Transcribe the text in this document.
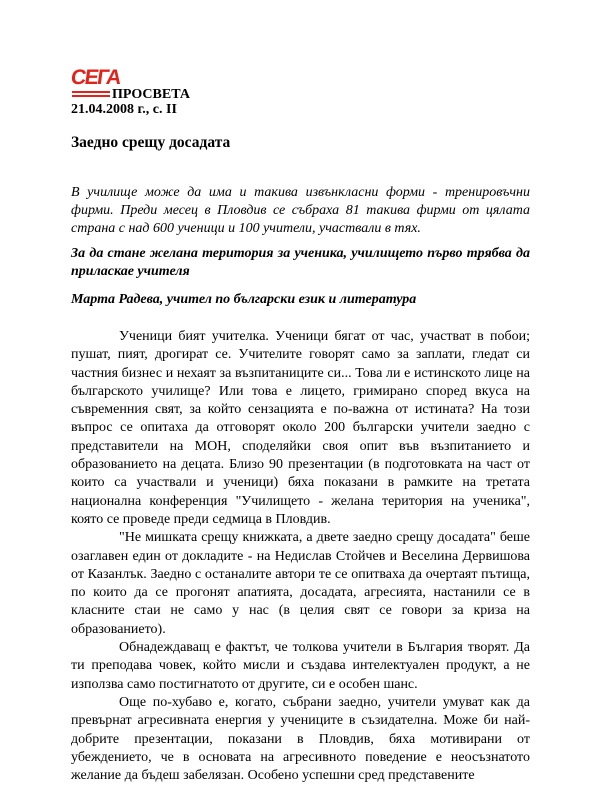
СЕГА
ПРОСВЕТА
21.04.2008 г., с. II
Заедно срещу досадата
В училище може да има и такива извънкласни форми - тренировъчни фирми. Преди месец в Пловдив се събраха 81 такива фирми от цялата страна с над 600 ученици и 100 учители, участвали в тях.
За да стане желана територия за ученика, училището първо трябва да приласкае учителя
Марта Радева, учител по български език и литература

Ученици бият учителка. Ученици бягат от час, участват в побои; пушат, пият, дрогират се. Учителите говорят само за заплати, гледат си частния бизнес и нехаят за възпитаниците си... Това ли е истинското лице на българското училище? Или това е лицето, гримирано според вкуса на съвременния свят, за който сензацията е по-важна от истината? На този въпрос се опитаха да отговорят около 200 български учители заедно с представители на МОН, споделяйки своя опит във възпитанието и образованието на децата. Близо 90 презентации (в подготовката на част от които са участвали и ученици) бяха показани в рамките на третата национална конференция "Училището - желана територия на ученика", която се проведе преди седмица в Пловдив.

"Не мишката срещу книжката, а двете заедно срещу досадата" беше озаглавен един от докладите - на Недислав Стойчев и Веселина Дервишова от Казанлък. Заедно с останалите автори те се опитваха да очертаят пътища, по които да се прогонят апатията, досадата, агресията, настанили се в класните стаи не само у нас (в целия свят се говори за криза на образованието).

Обнадеждаващ е фактът, че толкова учители в България творят. Да ти преподава човек, който мисли и създава интелектуален продукт, а не използва само постигнатото от другите, си е особен шанс.

Още по-хубаво е, когато, събрани заедно, учители умуват как да превърнат агресивната енергия у учениците в съзидателна. Може би най-добрите презентации, показани в Пловдив, бяха мотивирани от убеждението, че в основата на агресивното поведение е неосъзнатото желание да бъдеш забелязан. Особено успешни сред представените
